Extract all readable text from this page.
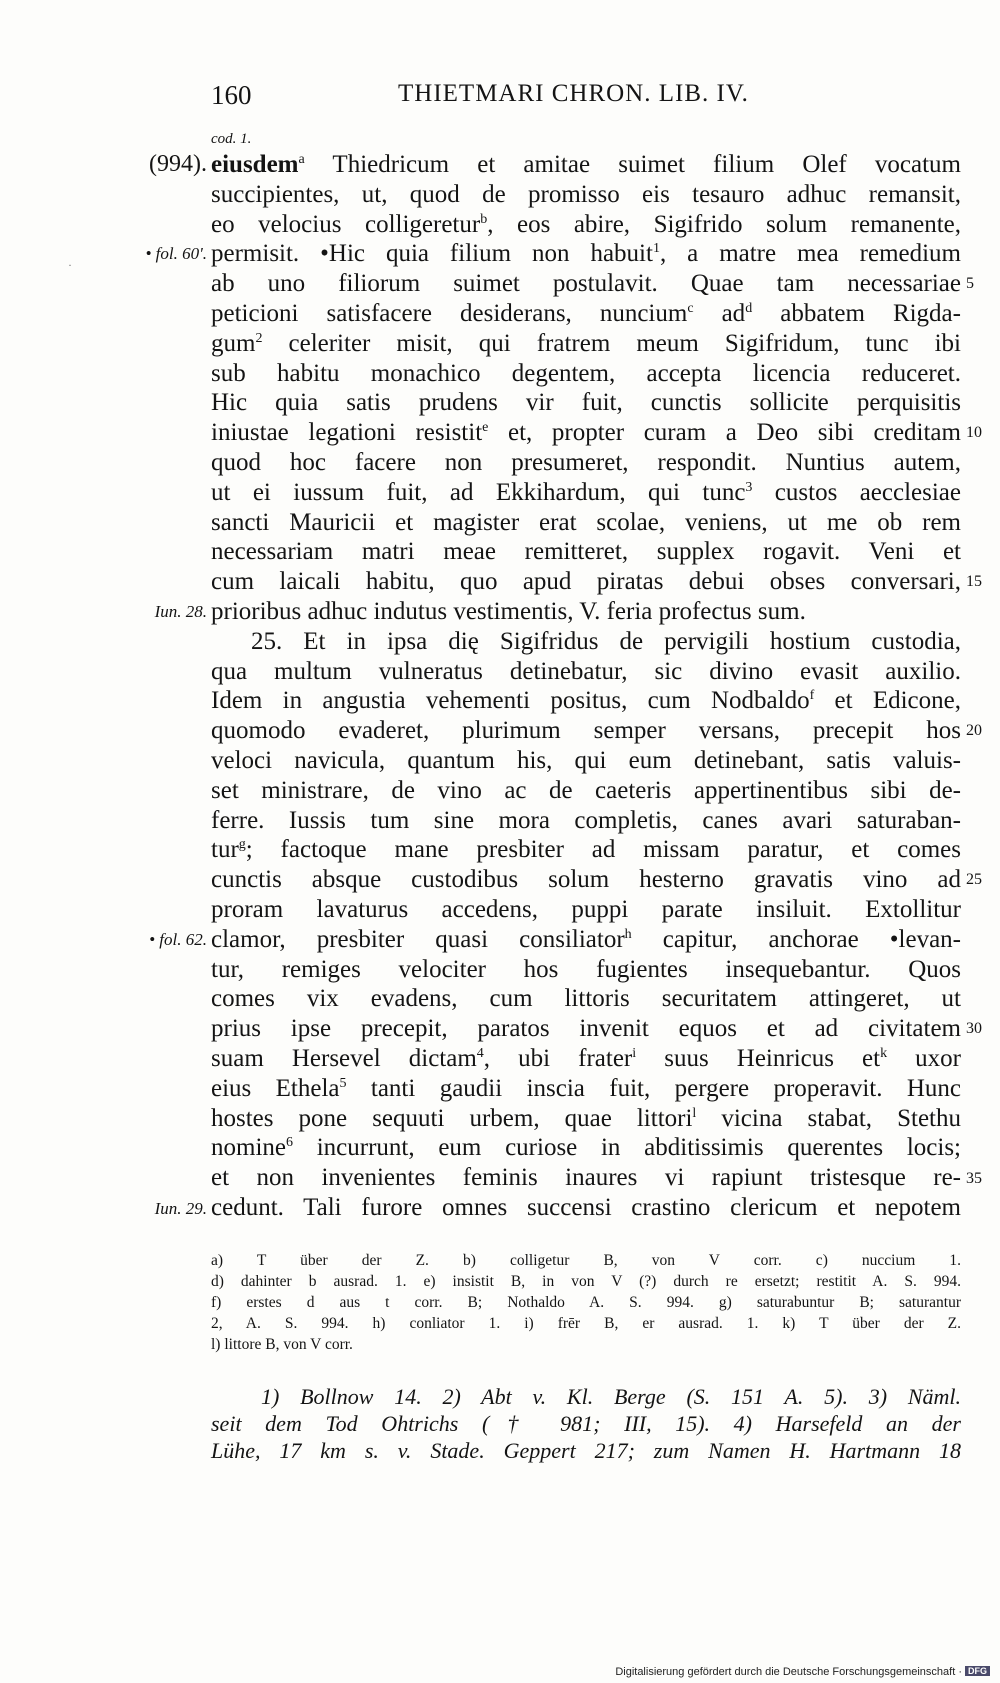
160	THIETMARI CHRON. LIB. IV.
·
(994).
• fol. 60'.
Iun. 28.
• fol. 62.
Iun. 29.
5
10
15
20
25
30
35
cod. 1.
eiusdem$^a$ Thiedricum et amitae suimet filium Olef vocatum
succipientes, ut, quod de promisso eis tesauro adhuc remansit,
eo velocius colligeretur$^b$, eos abire, Sigifrido solum remanente,
permisit. •Hic quia filium non habuit$^1$, a matre mea remedium
ab uno filiorum suimet postulavit. Quae tam necessariae
peticioni satisfacere desiderans, nuncium$^c$ $ad^d$ abbatem Rigda-
gum$^2$ celeriter misit, qui fratrem meum Sigifridum, tunc ibi
sub habitu monachico degentem, accepta licencia reduceret.
Hic quia satis prudens vir fuit, cunctis sollicite perquisitis
iniustae legationi resistit$^e$ et, propter curam a Deo sibi creditam
quod hoc facere non presumeret, respondit. Nuntius autem,
ut ei iussum fuit, ad Ekkihardum, qui tunc$^3$ custos aecclesiae
sancti Mauricii et magister erat scolae, veniens, ut me ob rem
necessariam matri meae remitteret, supplex rogavit. Veni et
cum laicali habitu, quo apud piratas debui obses conversari,
prioribus adhuc indutus vestimentis, V. feria profectus sum.
25. Et in ipsa dię Sigifridus de pervigili hostium custodia,
qua multum vulneratus detinebatur, sic divino evasit auxilio.
Idem in angustia vehementi positus, cum Nodbaldo$^f$ et Edicone,
quomodo evaderet, plurimum semper versans, precepit hos
veloci navicula, quantum his, qui eum detinebant, satis valuis-
set ministrare, de vino ac de caeteris appertinentibus sibi de-
ferre. Iussis tum sine mora completis, canes avari saturaban-
tur$^g$; factoque mane presbiter ad missam paratur, et comes
cunctis absque custodibus solum hesterno gravatis vino ad
proram lavaturus accedens, puppi parate insiluit. Extollitur
clamor, presbiter quasi consiliator$^h$ capitur, anchorae •levan-
tur, remiges velociter hos fugientes insequebantur. Quos
comes vix evadens, cum littoris securitatem attingeret, ut
prius ipse precepit, paratos invenit equos et ad civitatem
suam Hersevel dictam$^4$, ubi frater$^i$ suus Heinricus $et^k$ uxor
eius Ethela$^5$ tanti gaudii inscia fuit, pergere properavit. Hunc
hostes pone sequuti urbem, quae littori$^l$ vicina stabat, Stethu
nomine$^6$ incurrunt, eum curiose in abditissimis querentes locis;
et non invenientes feminis inaures vi rapiunt tristesque re-
cedunt. Tali furore omnes succensi crastino clericum et nepotem
a) T über der Z. b) colligetur B, von V corr. c) nuccium 1.
d) dahinter b ausrad. 1. e) insistit B, in von V (?) durch re ersetzt; restitit A. S. 994.
f) erstes d aus t corr. B; Nothaldo A. S. 994. g) saturabuntur B; saturantur
2, A. S. 994. h) conliator 1. i) frēr B, er ausrad. 1. k) T über der Z.
l) littore B, von V corr.
1) Bollnow 14. 2) Abt v. Kl. Berge (S. 151 A. 5). 3) Näml.
seit dem Tod Ohtrichs († 981; III, 15). 4) Harsefeld an der
Lühe, 17 km s. v. Stade. Geppert 217; zum Namen H. Hartmann 18
Digitalisierung gefördert durch die Deutsche Forschungsgemeinschaft · DFG
